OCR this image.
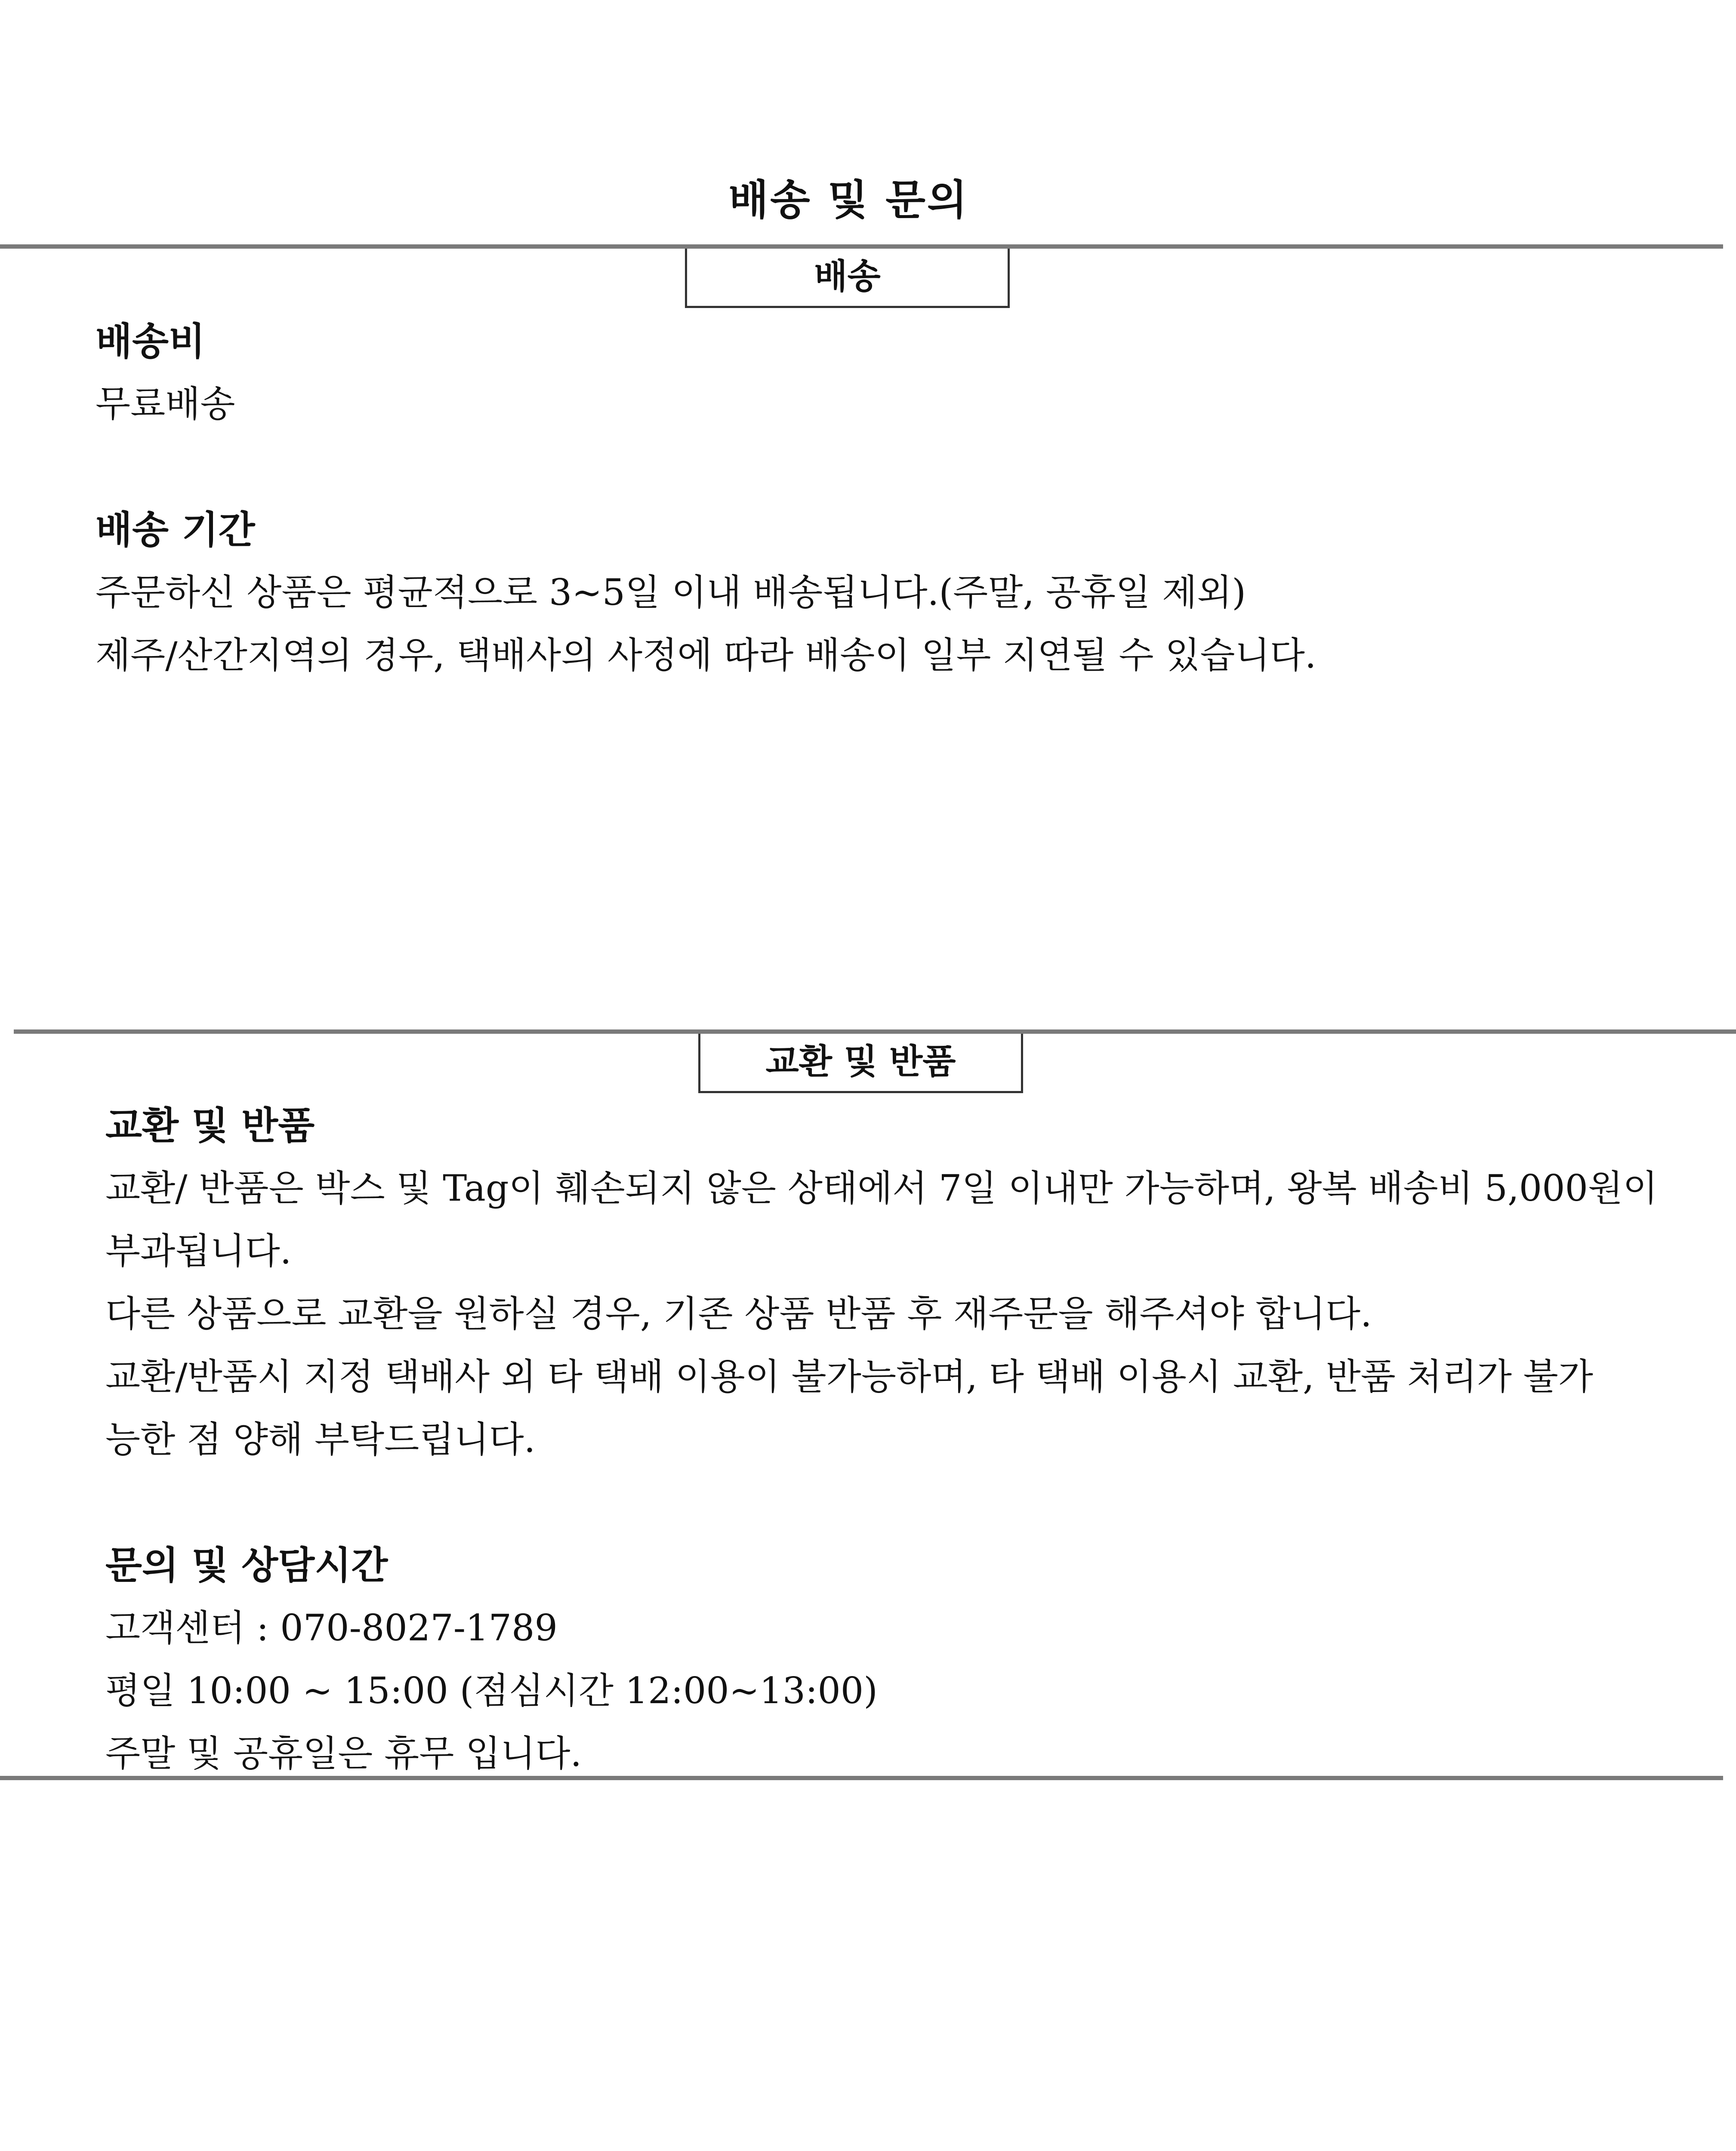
배송 및 문의
배송
배송비
무료배송
배송 기간
주문하신 상품은 평균적으로 3~5일 이내 배송됩니다.(주말, 공휴일 제외)
제주/산간지역의 경우, 택배사의 사정에 따라 배송이 일부 지연될 수 있습니다.
교환 및 반품
교환 및 반품
교환/ 반품은 박스 및 Tag이 훼손되지 않은 상태에서 7일 이내만 가능하며, 왕복 배송비 5,000원이
부과됩니다.
다른 상품으로 교환을 원하실 경우, 기존 상품 반품 후 재주문을 해주셔야 합니다.
교환/반품시 지정 택배사 외 타 택배 이용이 불가능하며, 타 택배 이용시 교환, 반품 처리가 불가
능한 점 양해 부탁드립니다.
문의 및 상담시간
고객센터 : 070-8027-1789
평일 10:00 ~ 15:00 (점심시간 12:00~13:00)
주말 및 공휴일은 휴무 입니다.
